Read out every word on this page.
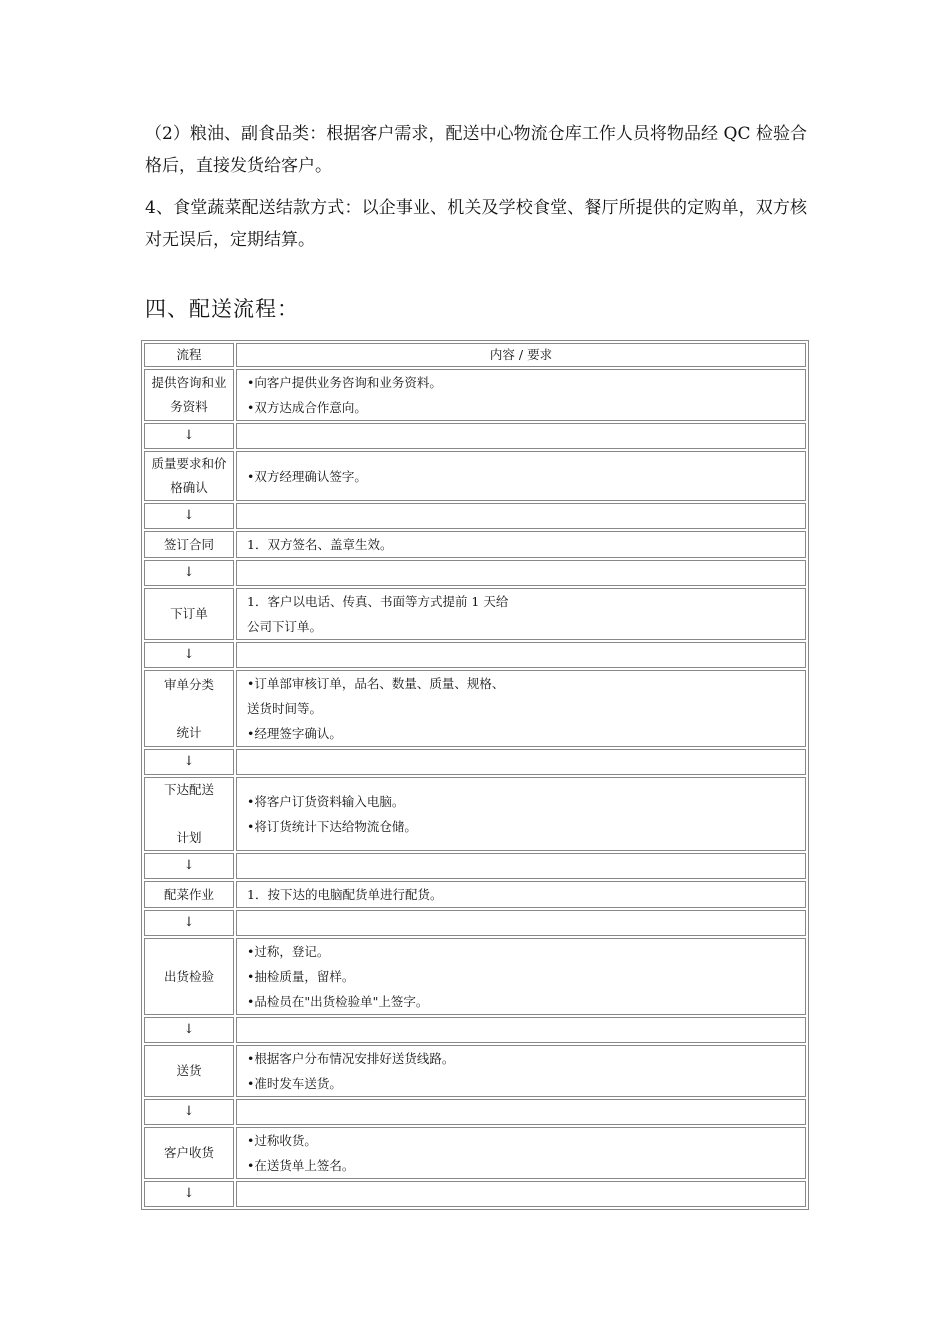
（2）粮油、副食品类：根据客户需求，配送中心物流仓库工作人员将物品经 QC 检验合格后，直接发货给客户。

4、食堂蔬菜配送结款方式：以企事业、机关及学校食堂、餐厅所提供的定购单，双方核对无误后，定期结算。

四、配送流程：
流程	内容 / 要求

提供咨询和业
务资料	•向客户提供业务咨询和业务资料。
•双方达成合作意向。

↓	

质量要求和价
格确认	•双方经理确认签字。

↓	

签订合同	1．双方签名、盖章生效。

↓	

下订单	1．客户以电话、传真、书面等方式提前 1 天给
公司下订单。

↓	

审单分类

统计	•订单部审核订单，品名、数量、质量、规格、
送货时间等。
•经理签字确认。

↓	

下达配送

计划	•将客户订货资料输入电脑。
•将订货统计下达给物流仓储。

↓	

配菜作业	1．按下达的电脑配货单进行配货。

↓	

出货检验	•过称，登记。
•抽检质量，留样。
•品检员在"出货检验单"上签字。

↓	

送货	•根据客户分布情况安排好送货线路。
•准时发车送货。

↓	

客户收货	•过称收货。
•在送货单上签名。

↓	
